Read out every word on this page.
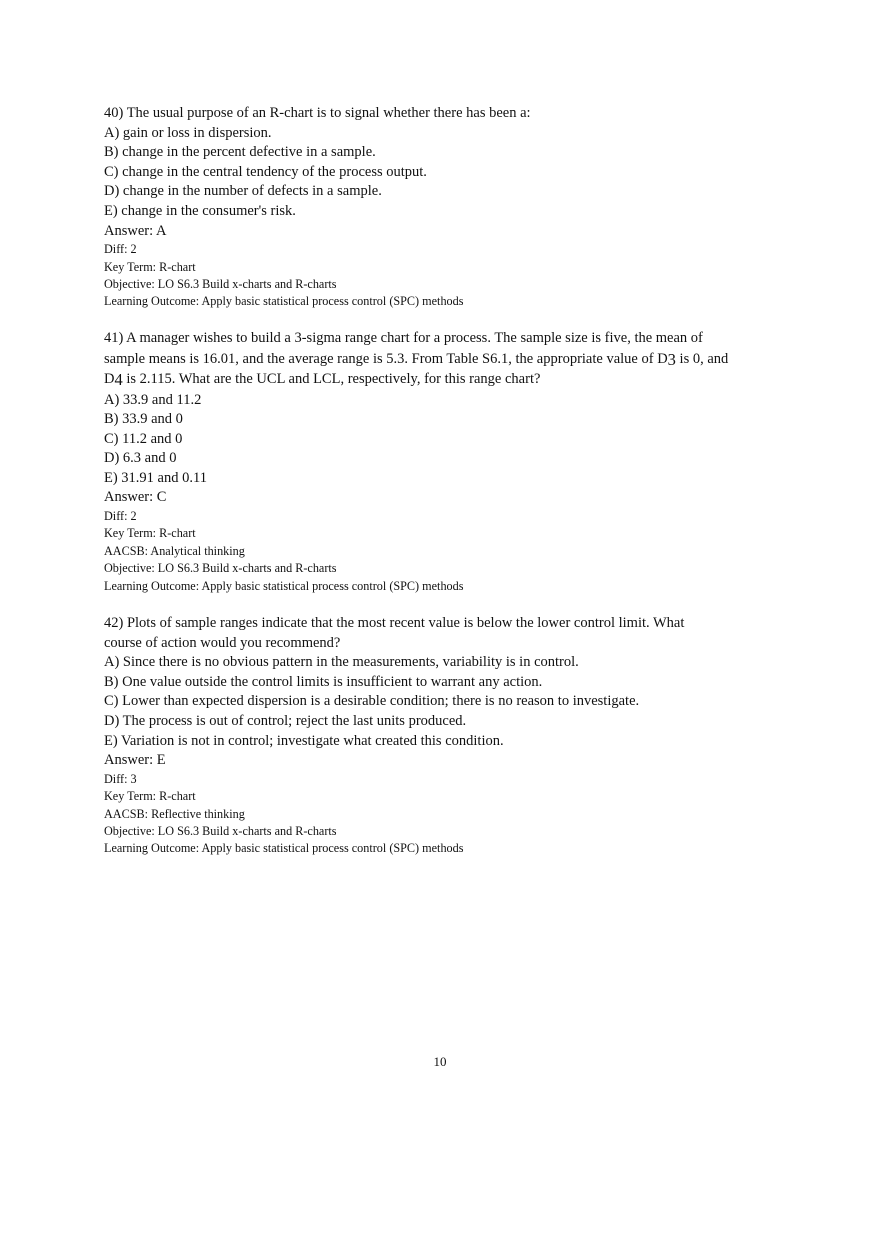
40) The usual purpose of an R-chart is to signal whether there has been a:
A) gain or loss in dispersion.
B) change in the percent defective in a sample.
C) change in the central tendency of the process output.
D) change in the number of defects in a sample.
E) change in the consumer's risk.
Answer: A
Diff: 2
Key Term: R-chart
Objective: LO S6.3 Build x-charts and R-charts
Learning Outcome: Apply basic statistical process control (SPC) methods
41) A manager wishes to build a 3-sigma range chart for a process. The sample size is five, the mean of sample means is 16.01, and the average range is 5.3. From Table S6.1, the appropriate value of D3 is 0, and D4 is 2.115. What are the UCL and LCL, respectively, for this range chart?
A) 33.9 and 11.2
B) 33.9 and 0
C) 11.2 and 0
D) 6.3 and 0
E) 31.91 and 0.11
Answer: C
Diff: 2
Key Term: R-chart
AACSB: Analytical thinking
Objective: LO S6.3 Build x-charts and R-charts
Learning Outcome: Apply basic statistical process control (SPC) methods
42) Plots of sample ranges indicate that the most recent value is below the lower control limit. What course of action would you recommend?
A) Since there is no obvious pattern in the measurements, variability is in control.
B) One value outside the control limits is insufficient to warrant any action.
C) Lower than expected dispersion is a desirable condition; there is no reason to investigate.
D) The process is out of control; reject the last units produced.
E) Variation is not in control; investigate what created this condition.
Answer: E
Diff: 3
Key Term: R-chart
AACSB: Reflective thinking
Objective: LO S6.3 Build x-charts and R-charts
Learning Outcome: Apply basic statistical process control (SPC) methods
10
